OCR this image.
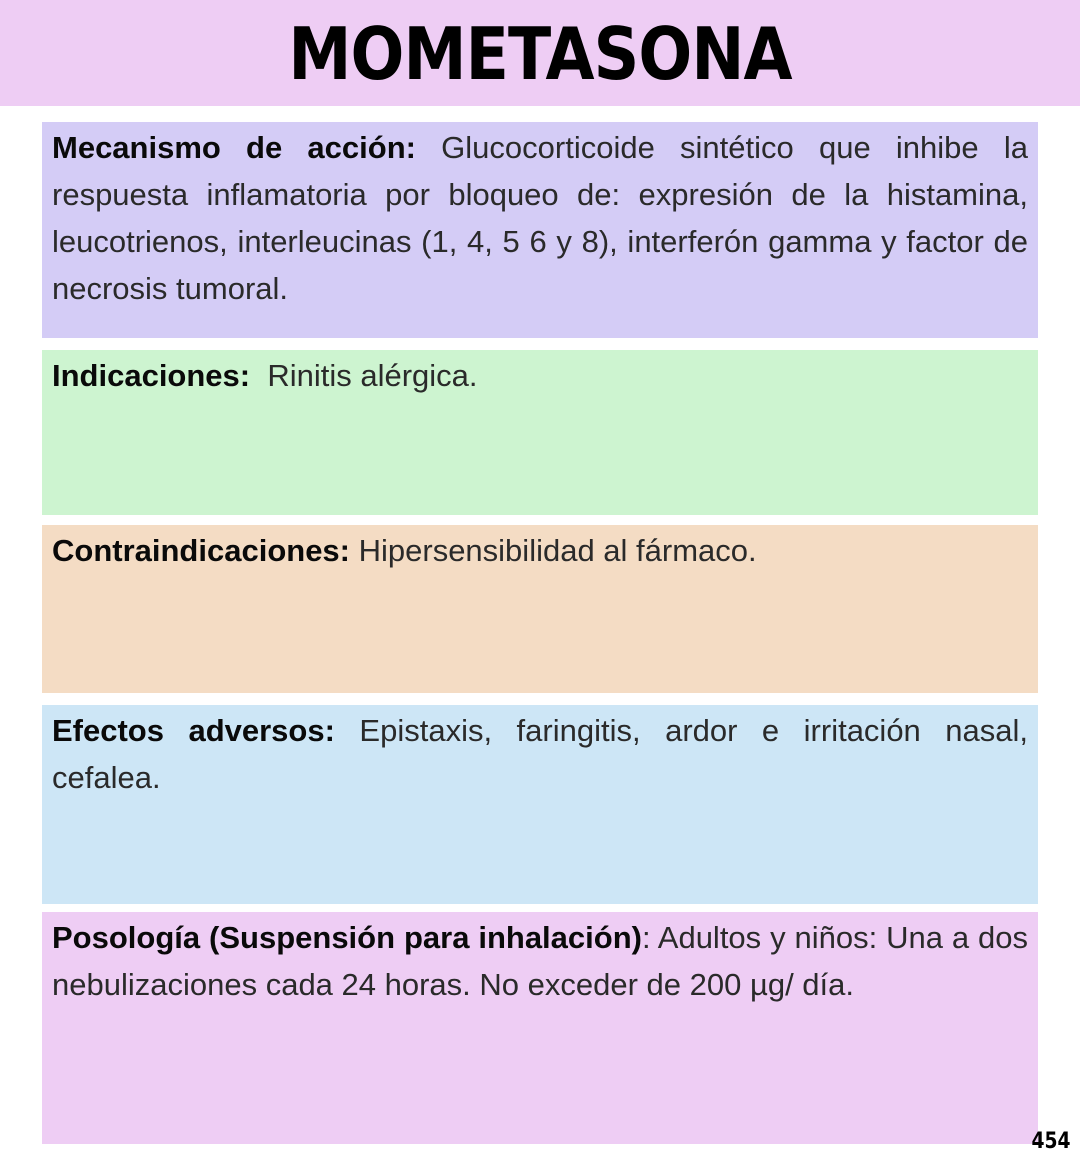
MOMETASONA
Mecanismo de acción: Glucocorticoide sintético que inhibe la respuesta inflamatoria por bloqueo de: expresión de la histamina, leucotrienos, interleucinas (1, 4, 5 6 y 8), interferón gamma y factor de necrosis tumoral.
Indicaciones:  Rinitis alérgica.
Contraindicaciones: Hipersensibilidad al fármaco.
Efectos adversos: Epistaxis, faringitis, ardor e irritación nasal, cefalea.
Posología (Suspensión para inhalación): Adultos y niños: Una a dos nebulizaciones cada 24 horas. No exceder de 200 µg/ día.
454
